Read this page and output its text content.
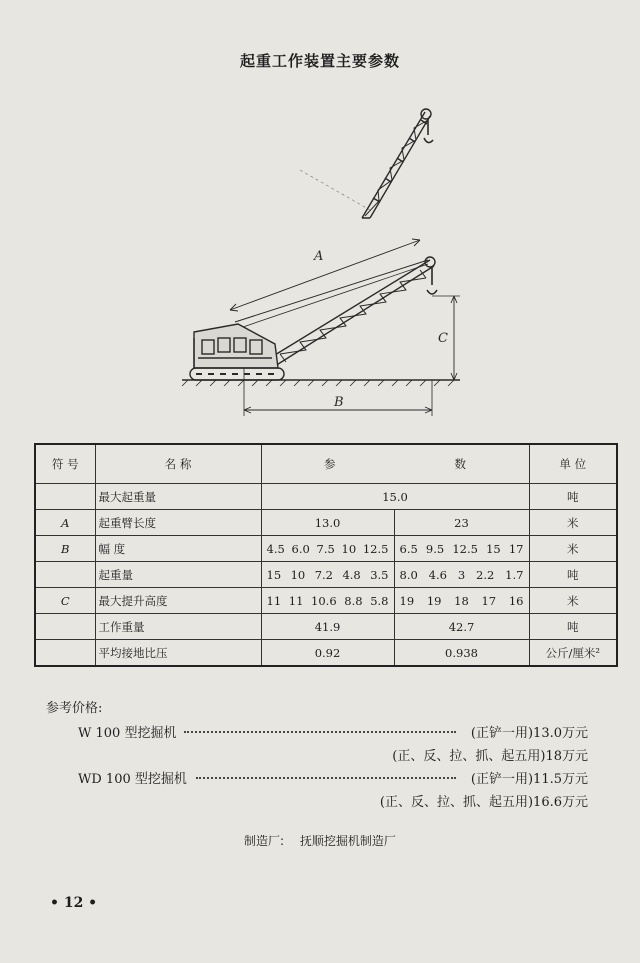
起重工作装置主要参数
A
C
B
符 号	名 称	参 数		单 位
	最大起重量	15.0		吨
A	起重臂长度	13.0	23	米
B	幅 度	4.5 6.0 7.5 10 12.5	6.5 9.5 12.5 15 17	米
	起重量	15 10 7.2 4.8 3.5	8.0 4.6 3 2.2 1.7	吨
C	最大提升高度	11 11 10.6 8.8 5.8	19 19 18 17 16	米
	工作重量	41.9	42.7	吨
	平均接地比压	0.92	0.938	公斤/厘米²
参考价格:
W 100 型挖掘机	(正铲一用)13.0万元
(正、反、拉、抓、起五用)18万元
WD 100 型挖掘机	(正铲一用)11.5万元
(正、反、拉、抓、起五用)16.6万元
制造厂: 抚顺挖掘机制造厂
• 12 •
